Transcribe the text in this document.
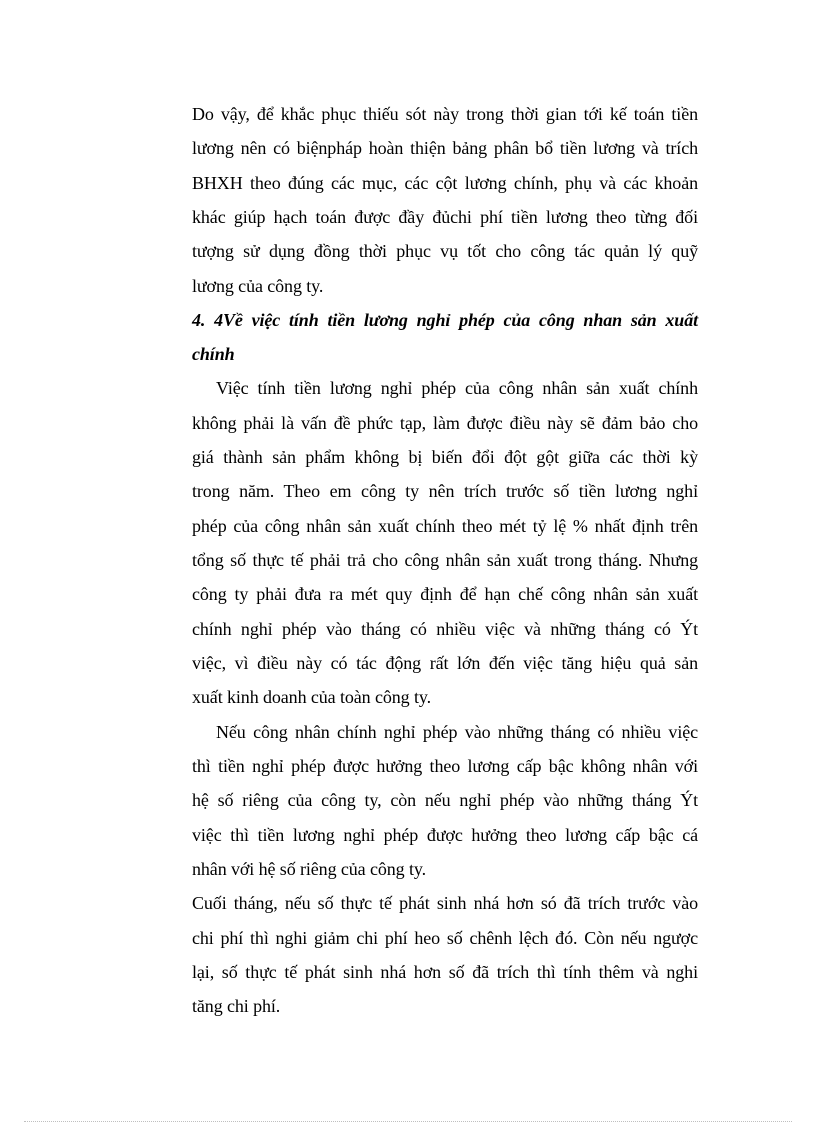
Do vậy, để khắc phục thiếu sót này trong thời gian tới kế toán tiền
lương nên có biệnpháp hoàn thiện bảng phân bổ tiền lương và trích
BHXH theo đúng các mục, các cột lương chính, phụ và các khoản
khác giúp hạch toán được đầy đủchi phí tiền lương theo từng đối
tượng sử dụng đồng thời phục vụ tốt cho công tác quản lý quỹ
lương của công ty.
4. 4Về việc tính tiền lương nghỉ phép của công nhan sản xuất
chính
Việc tính tiền lương nghỉ phép của công nhân sản xuất chính
không phải là vấn đề phức tạp, làm được điều này sẽ đảm bảo cho
giá thành sản phẩm không bị biến đổi đột gột giữa các thời kỳ
trong năm. Theo em công ty nên trích trước số tiền lương nghỉ
phép của công nhân sản xuất chính theo mét tỷ lệ % nhất định trên
tổng số thực tế phải trả cho công nhân sản xuất trong tháng. Nhưng
công ty phải đưa ra mét quy định để hạn chế công nhân sản xuất
chính nghỉ phép vào tháng có nhiều việc và những tháng có Ýt
việc, vì điều này có tác động rất lớn đến việc tăng hiệu quả sản
xuất kinh doanh của toàn công ty.
Nếu công nhân chính nghỉ phép vào những tháng có nhiều việc
thì tiền nghỉ phép được hưởng theo lương cấp bậc không nhân với
hệ số riêng của công ty, còn nếu nghỉ phép vào những tháng Ýt
việc thì tiền lương nghỉ phép được hưởng theo lương cấp bậc cá
nhân với hệ số riêng của công ty.
Cuối tháng, nếu số thực tế phát sinh nhá hơn só đã trích trước vào
chi phí thì nghi giảm chi phí heo số chênh lệch đó. Còn nếu ngược
lại, số thực tế phát sinh nhá hơn số đã trích thì tính thêm và nghi
tăng chi phí.
